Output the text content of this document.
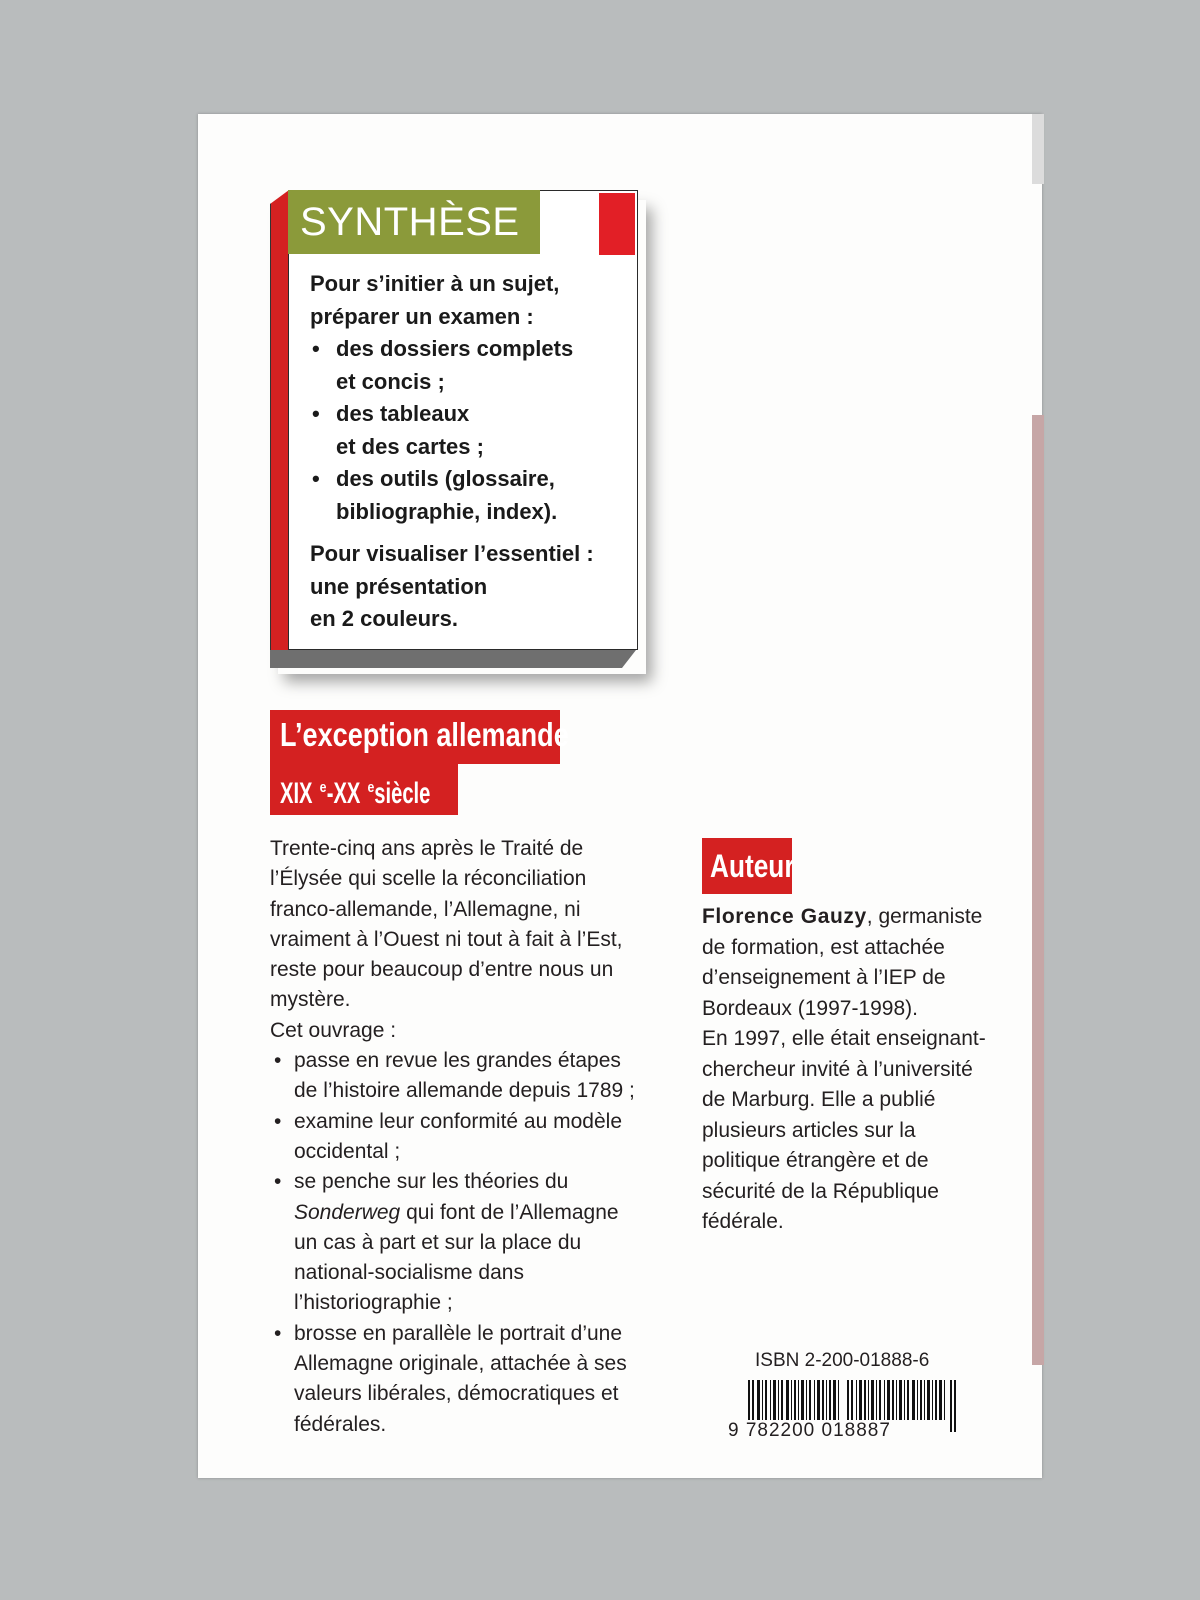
SYNTHÈSE

Pour s’initier à un sujet,
préparer un examen :

• des dossiers complets
et concis ;
• des tableaux
et des cartes ;
• des outils (glossaire,
bibliographie, index).

Pour visualiser l’essentiel :
une présentation
en 2 couleurs.

L’exception allemande
XIX $^e$-XX $^e$siècle

Trente-cinq ans après le Traité de
l’Élysée qui scelle la réconciliation
franco-allemande, l’Allemagne, ni
vraiment à l’Ouest ni tout à fait à l’Est,
reste pour beaucoup d’entre nous un
mystère.

Cet ouvrage :

• passe en revue les grandes étapes
de l’histoire allemande depuis 1789 ;
• examine leur conformité au modèle
occidental ;
• se penche sur les théories du
Sonderweg qui font de l’Allemagne
un cas à part et sur la place du
national-socialisme dans
l’historiographie ;
• brosse en parallèle le portrait d’une
Allemagne originale, attachée à ses
valeurs libérales, démocratiques et
fédérales.
Auteur

Florence Gauzy, germaniste
de formation, est attachée
d’enseignement à l’IEP de
Bordeaux (1997-1998).
En 1997, elle était enseignant-
chercheur invité à l’université
de Marburg. Elle a publié
plusieurs articles sur la
politique étrangère et de
sécurité de la République
fédérale.

ISBN 2-200-01888-6
9 782200 018887
